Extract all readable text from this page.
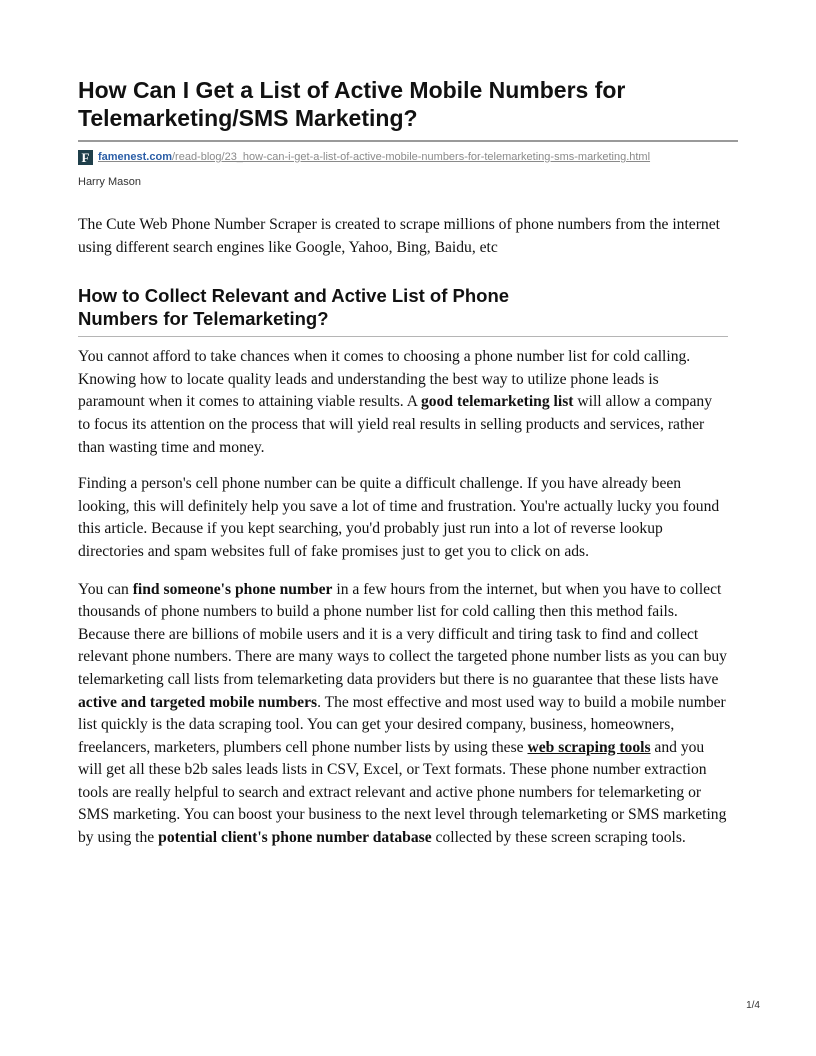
How Can I Get a List of Active Mobile Numbers for Telemarketing/SMS Marketing?
F famenest.com/read-blog/23_how-can-i-get-a-list-of-active-mobile-numbers-for-telemarketing-sms-marketing.html
Harry Mason

The Cute Web Phone Number Scraper is created to scrape millions of phone numbers from the internet using different search engines like Google, Yahoo, Bing, Baidu, etc

How to Collect Relevant and Active List of Phone Numbers for Telemarketing?

You cannot afford to take chances when it comes to choosing a phone number list for cold calling. Knowing how to locate quality leads and understanding the best way to utilize phone leads is paramount when it comes to attaining viable results. A good telemarketing list will allow a company to focus its attention on the process that will yield real results in selling products and services, rather than wasting time and money.

Finding a person's cell phone number can be quite a difficult challenge. If you have already been looking, this will definitely help you save a lot of time and frustration. You're actually lucky you found this article. Because if you kept searching, you'd probably just run into a lot of reverse lookup directories and spam websites full of fake promises just to get you to click on ads.

You can find someone's phone number in a few hours from the internet, but when you have to collect thousands of phone numbers to build a phone number list for cold calling then this method fails. Because there are billions of mobile users and it is a very difficult and tiring task to find and collect relevant phone numbers. There are many ways to collect the targeted phone number lists as you can buy telemarketing call lists from telemarketing data providers but there is no guarantee that these lists have active and targeted mobile numbers. The most effective and most used way to build a mobile number list quickly is the data scraping tool. You can get your desired company, business, homeowners, freelancers, marketers, plumbers cell phone number lists by using these web scraping tools and you will get all these b2b sales leads lists in CSV, Excel, or Text formats. These phone number extraction tools are really helpful to search and extract relevant and active phone numbers for telemarketing or SMS marketing. You can boost your business to the next level through telemarketing or SMS marketing by using the potential client's phone number database collected by these screen scraping tools.

1/4
